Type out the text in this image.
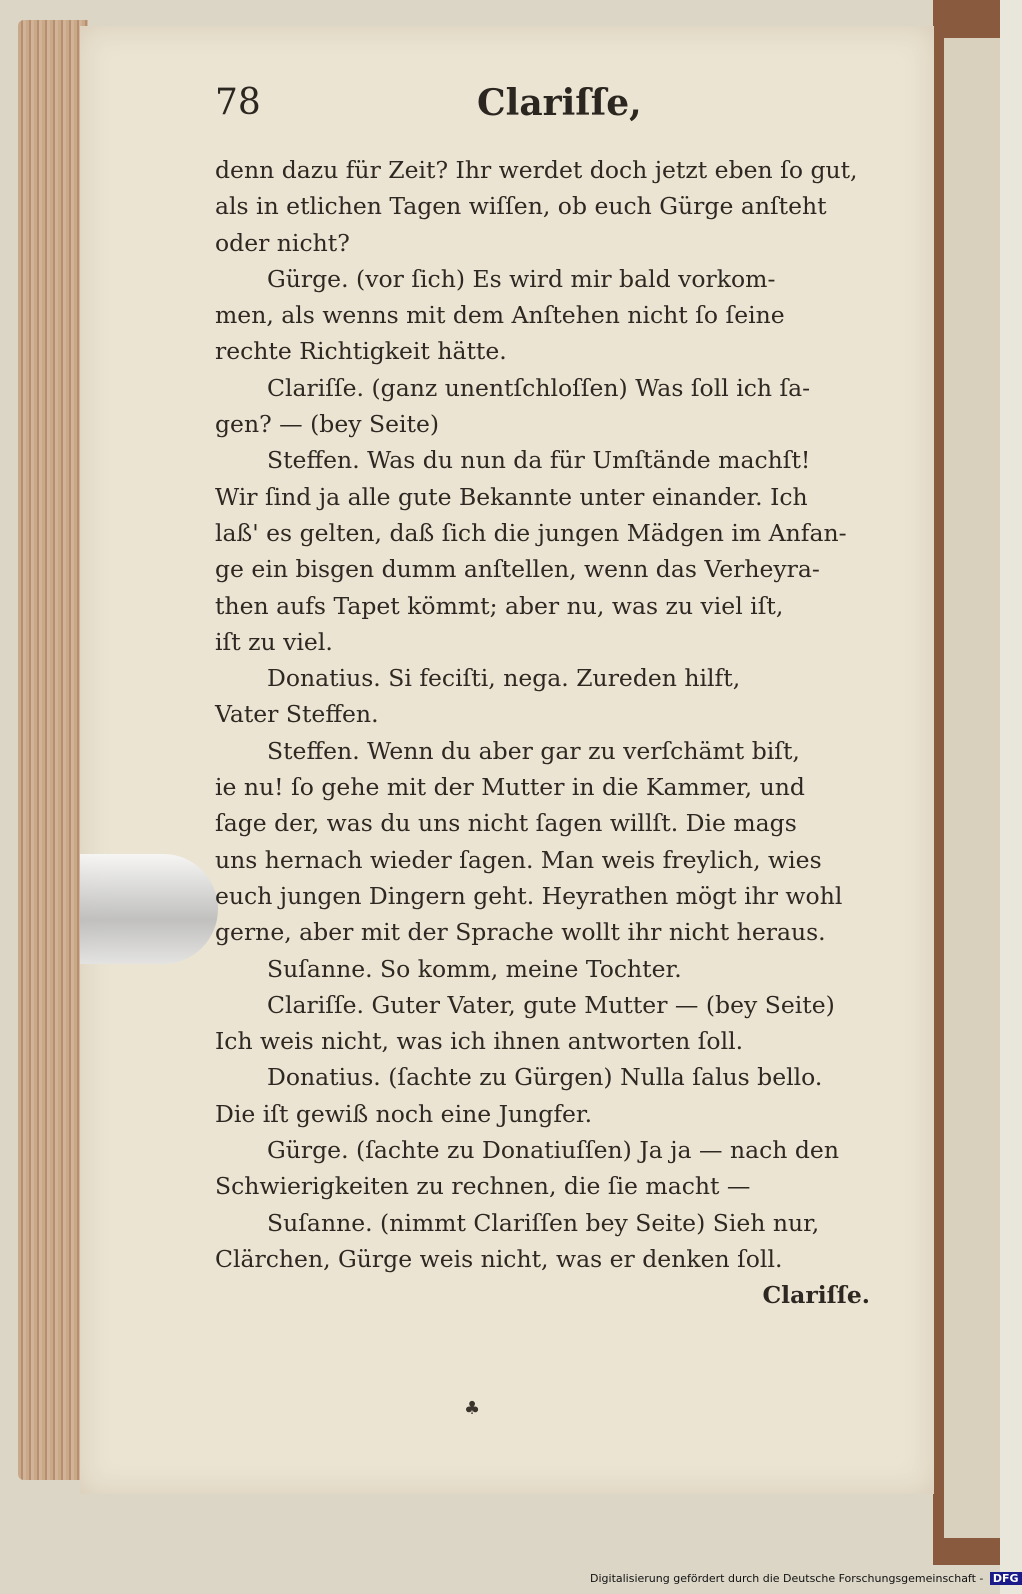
78	Clariſſe,
denn dazu für Zeit? Ihr werdet doch jetzt eben ſo gut,
als in etlichen Tagen wiſſen, ob euch Gürge anſteht
oder nicht?
Gürge. (vor ſich) Es wird mir bald vorkom-
men, als wenns mit dem Anſtehen nicht ſo ſeine
rechte Richtigkeit hätte.
Clariſſe. (ganz unentſchloſſen) Was ſoll ich ſa-
gen? — (bey Seite)
Steffen. Was du nun da für Umſtände machſt!
Wir ſind ja alle gute Bekannte unter einander. Ich
laß' es gelten, daß ſich die jungen Mädgen im Anfan-
ge ein bisgen dumm anſtellen, wenn das Verheyra-
then aufs Tapet kömmt; aber nu, was zu viel iſt,
iſt zu viel.
Donatius. Si feciſti, nega. Zureden hilft,
Vater Steffen.
Steffen. Wenn du aber gar zu verſchämt biſt,
ie nu! ſo gehe mit der Mutter in die Kammer, und
ſage der, was du uns nicht ſagen willſt. Die mags
uns hernach wieder ſagen. Man weis freylich, wies
euch jungen Dingern geht. Heyrathen mögt ihr wohl
gerne, aber mit der Sprache wollt ihr nicht heraus.
Suſanne. So komm, meine Tochter.
Clariſſe. Guter Vater, gute Mutter — (bey Seite)
Ich weis nicht, was ich ihnen antworten ſoll.
Donatius. (ſachte zu Gürgen) Nulla ſalus bello.
Die iſt gewiß noch eine Jungfer.
Gürge. (ſachte zu Donatiuſſen) Ja ja — nach den
Schwierigkeiten zu rechnen, die ſie macht —
Suſanne. (nimmt Clariſſen bey Seite) Sieh nur,
Clärchen, Gürge weis nicht, was er denken ſoll.
Clariſſe.
♣
Digitalisierung gefördert durch die Deutsche Forschungsgemeinschaft - DFG
